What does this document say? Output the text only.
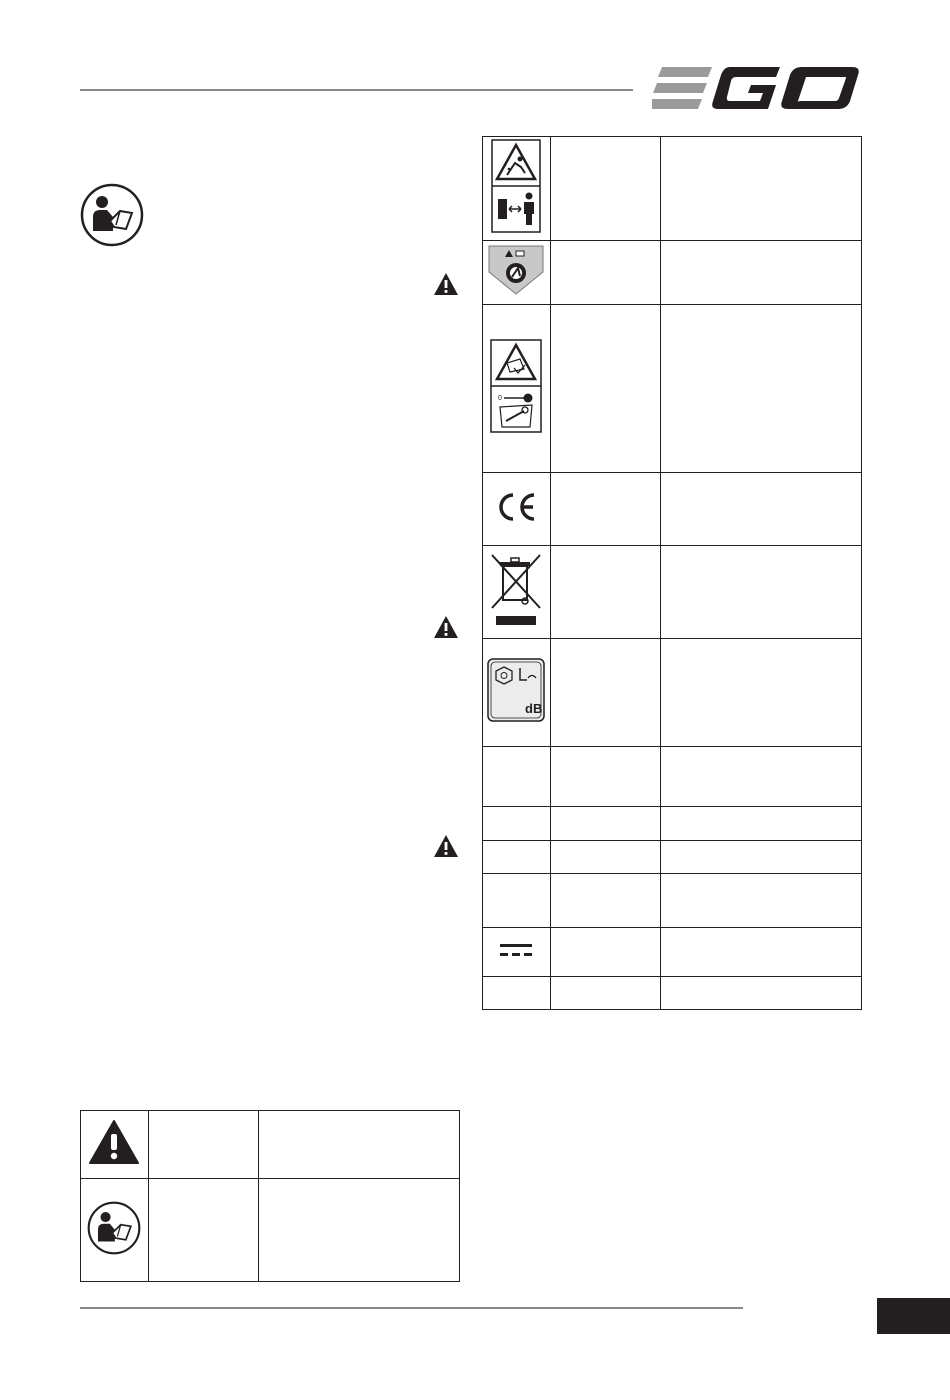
0		

dB		
